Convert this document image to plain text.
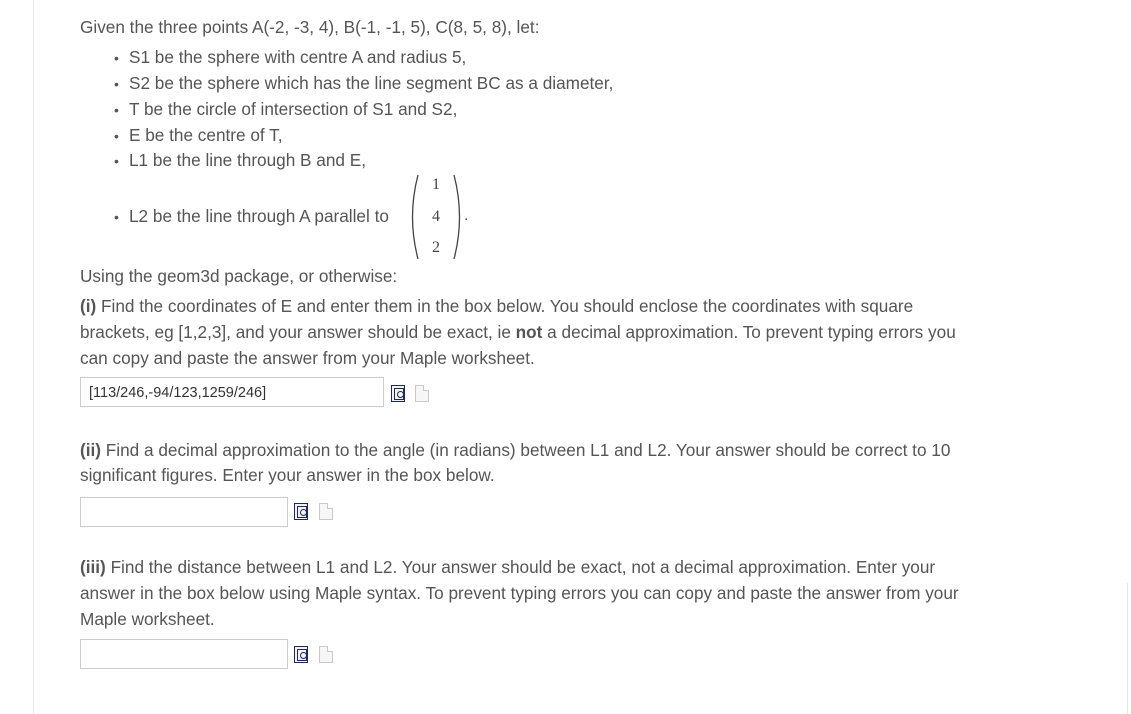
Given the three points A(-2, -3, 4), B(-1, -1, 5), C(8, 5, 8), let:
• S1 be the sphere with centre A and radius 5,
• S2 be the sphere which has the line segment BC as a diameter,
• T be the circle of intersection of S1 and S2,
• E be the centre of T,
• L1 be the line through B and E,
• L2 be the line through A parallel to
1
4
2
.
Using the geom3d package, or otherwise:
(i) Find the coordinates of E and enter them in the box below. You should enclose the coordinates with square
brackets, eg [1,2,3], and your answer should be exact, ie not a decimal approximation. To prevent typing errors you
can copy and paste the answer from your Maple worksheet.
[113/246,-94/123,1259/246]
(ii) Find a decimal approximation to the angle (in radians) between L1 and L2. Your answer should be correct to 10
significant figures. Enter your answer in the box below.
(iii) Find the distance between L1 and L2. Your answer should be exact, not a decimal approximation. Enter your
answer in the box below using Maple syntax. To prevent typing errors you can copy and paste the answer from your
Maple worksheet.
